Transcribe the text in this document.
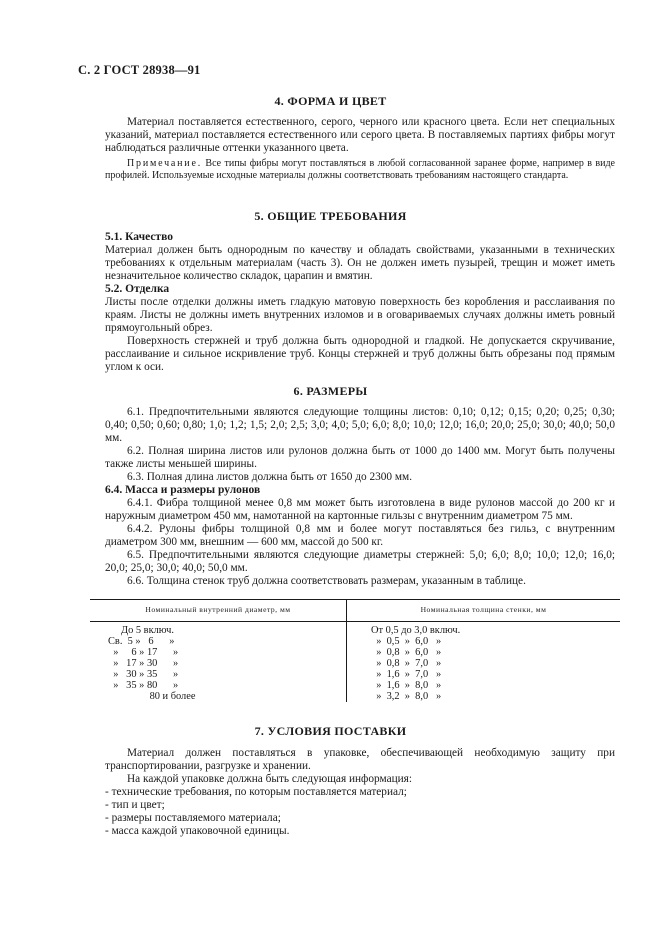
С. 2 ГОСТ 28938—91
4. ФОРМА И ЦВЕТ
Материал поставляется естественного, серого, черного или красного цвета. Если нет специальных указаний, материал поставляется естественного или серого цвета. В поставляемых партиях фибры могут наблюдаться различные оттенки указанного цвета.
Примечание. Все типы фибры могут поставляться в любой согласованной заранее форме, например в виде профилей. Используемые исходные материалы должны соответствовать требованиям настоящего стандарта.
5. ОБЩИЕ ТРЕБОВАНИЯ
5.1. Качество
Материал должен быть однородным по качеству и обладать свойствами, указанными в технических требованиях к отдельным материалам (часть 3). Он не должен иметь пузырей, трещин и может иметь незначительное количество складок, царапин и вмятин.
5.2. Отделка
Листы после отделки должны иметь гладкую матовую поверхность без коробления и расслаивания по краям. Листы не должны иметь внутренних изломов и в оговариваемых случаях должны иметь ровный прямоугольный обрез.
Поверхность стержней и труб должна быть однородной и гладкой. Не допускается скручивание, расслаивание и сильное искривление труб. Концы стержней и труб должны быть обрезаны под прямым углом к оси.
6. РАЗМЕРЫ
6.1. Предпочтительными являются следующие толщины листов: 0,10; 0,12; 0,15; 0,20; 0,25; 0,30; 0,40; 0,50; 0,60; 0,80; 1,0; 1,2; 1,5; 2,0; 2,5; 3,0; 4,0; 5,0; 6,0; 8,0; 10,0; 12,0; 16,0; 20,0; 25,0; 30,0; 40,0; 50,0 мм.
6.2. Полная ширина листов или рулонов должна быть от 1000 до 1400 мм. Могут быть получены также листы меньшей ширины.
6.3. Полная длина листов должна быть от 1650 до 2300 мм.
6.4. Масса и размеры рулонов
6.4.1. Фибра толщиной менее 0,8 мм может быть изготовлена в виде рулонов массой до 200 кг и наружным диаметром 450 мм, намотанной на картонные гильзы с внутренним диаметром 75 мм.
6.4.2. Рулоны фибры толщиной 0,8 мм и более могут поставляться без гильз, с внутренним диаметром 300 мм, внешним — 600 мм, массой до 500 кг.
6.5. Предпочтительными являются следующие диаметры стержней: 5,0; 6,0; 8,0; 10,0; 12,0; 16,0; 20,0; 25,0; 30,0; 40,0; 50,0 мм.
6.6. Толщина стенок труб должна соответствовать размерам, указанным в таблице.
Номинальный внутренний диаметр, мм	Номинальная толщина стенки, мм
До 5 включ.	От 0,5 до 3,0 включ.
Св.  5 »   6      »	»  0,5  »  6,0   »
»     6 » 17      »	»  0,8  »  6,0   »
»   17 » 30      »	»  0,8  »  7,0   »
»   30 » 35      »	»  1,6  »  7,0   »
»   35 » 80      »	»  1,6  »  8,0   »
80 и более	»  3,2  »  8,0   »
7. УСЛОВИЯ ПОСТАВКИ
Материал должен поставляться в упаковке, обеспечивающей необходимую защиту при транспортировании, разгрузке и хранении.
На каждой упаковке должна быть следующая информация:
- технические требования, по которым поставляется материал;
- тип и цвет;
- размеры поставляемого материала;
- масса каждой упаковочной единицы.
